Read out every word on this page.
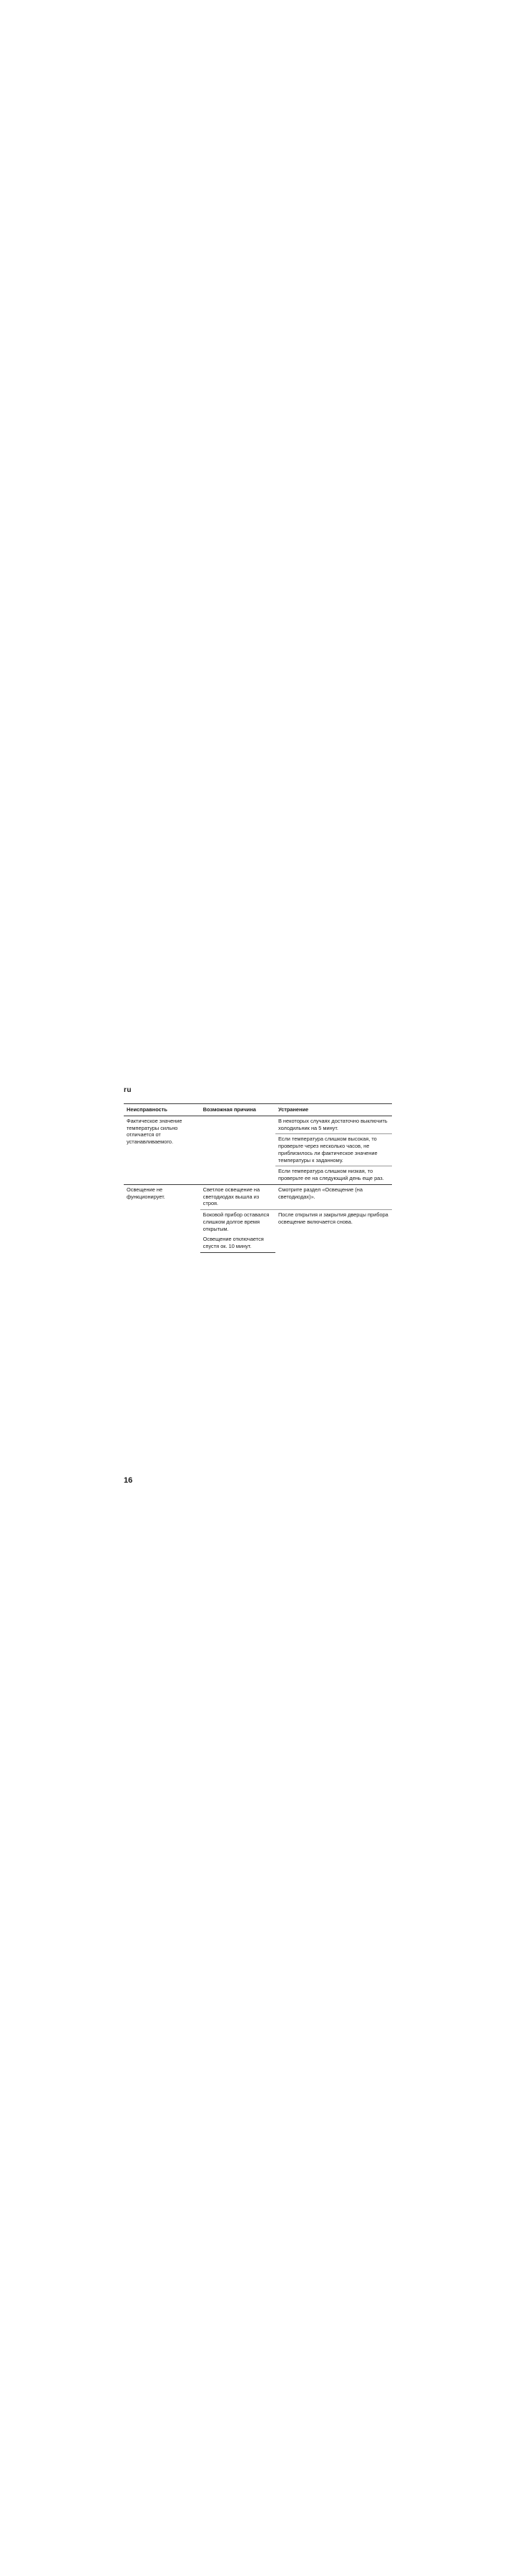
ru
Неисправность	Возможная причина	Устранение
Фактическое значение температуры сильно отличается от устанавливаемого.		В некоторых случаях достаточно выключить холодильник на 5 минут.
		Если температура слишком высокая, то проверьте через несколько часов, не приблизилось ли фактическое значение температуры к заданному.
		Если температура слишком низкая, то проверьте ее на следующий день еще раз.
Освещение не функционирует.	Светлое освещение на светодиодах вышла из строя.	Смотрите раздел «Освещение (на светодиодах)».
	Боковой прибор оставался слишком долгое время открытым.	После открытия и закрытия дверцы прибора освещение включается снова.
	Освещение отключается спустя ок. 10 минут.	
16
